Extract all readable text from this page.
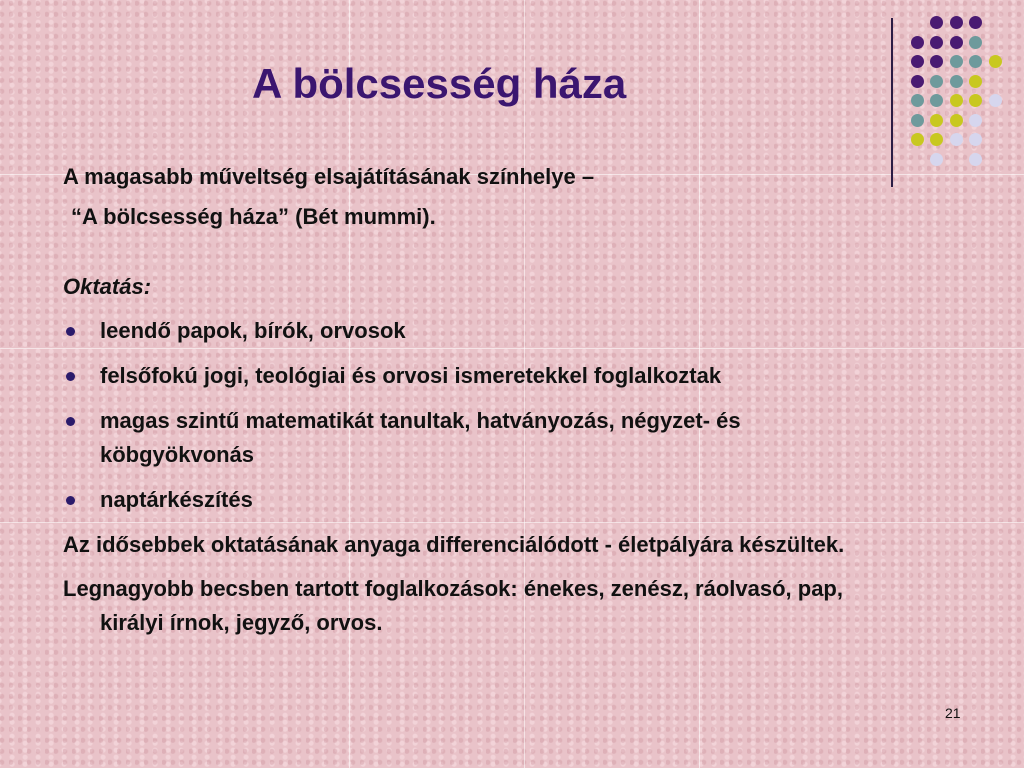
A bölcsesség háza

A magasabb műveltség elsajátításának színhelye –

“A bölcsesség háza” (Bét mummi).

Oktatás:

leendő papok, bírók, orvosok
felsőfokú jogi, teológiai és orvosi ismeretekkel foglalkoztak
magas szintű matematikát tanultak, hatványozás, négyzet- és köbgyökvonás
naptárkészítés

Az idősebbek oktatásának anyaga differenciálódott - életpályára készültek.

Legnagyobb becsben tartott foglalkozások: énekes, zenész, ráolvasó, pap, királyi írnok, jegyző, orvos.

21
